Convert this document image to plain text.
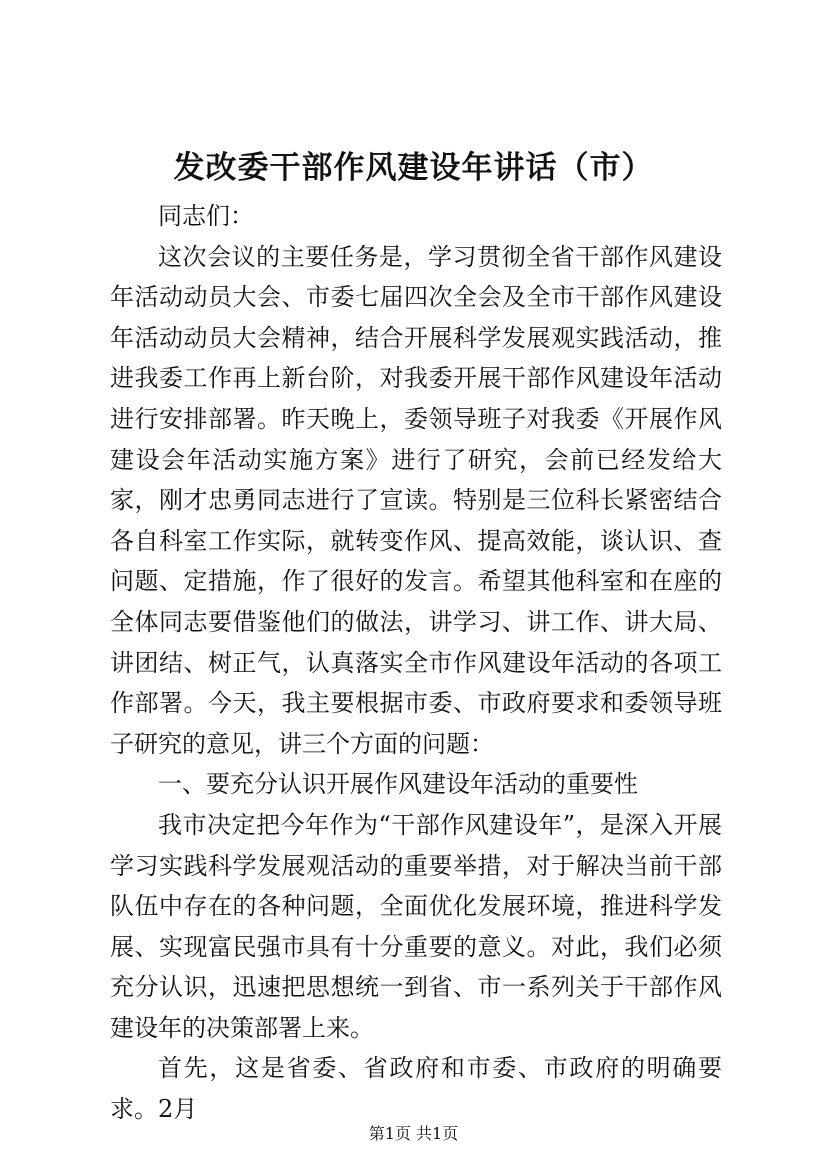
发改委干部作风建设年讲话（市）

同志们：

这次会议的主要任务是，学习贯彻全省干部作风建设年活动动员大会、市委七届四次全会及全市干部作风建设年活动动员大会精神，结合开展科学发展观实践活动，推进我委工作再上新台阶，对我委开展干部作风建设年活动进行安排部署。昨天晚上，委领导班子对我委《开展作风建设会年活动实施方案》进行了研究，会前已经发给大家，刚才忠勇同志进行了宣读。特别是三位科长紧密结合各自科室工作实际，就转变作风、提高效能，谈认识、查问题、定措施，作了很好的发言。希望其他科室和在座的全体同志要借鉴他们的做法，讲学习、讲工作、讲大局、讲团结、树正气，认真落实全市作风建设年活动的各项工作部署。今天，我主要根据市委、市政府要求和委领导班子研究的意见，讲三个方面的问题：

一、要充分认识开展作风建设年活动的重要性

我市决定把今年作为“干部作风建设年”，是深入开展学习实践科学发展观活动的重要举措，对于解决当前干部队伍中存在的各种问题，全面优化发展环境，推进科学发展、实现富民强市具有十分重要的意义。对此，我们必须充分认识，迅速把思想统一到省、市一系列关于干部作风建设年的决策部署上来。

首先，这是省委、省政府和市委、市政府的明确要求。2月

第1页 共1页
